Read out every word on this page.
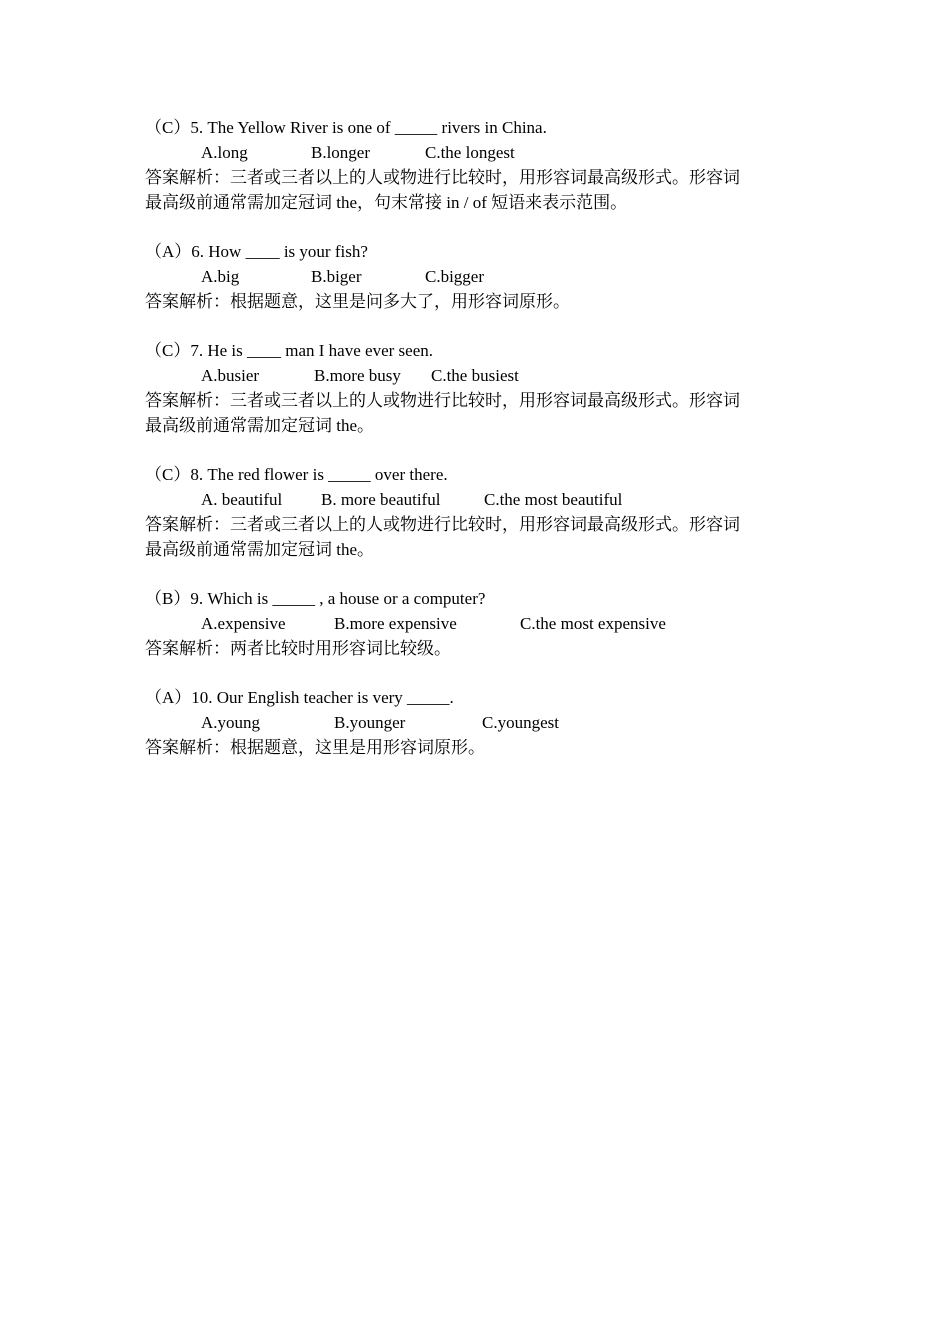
（C）5. The Yellow River is one of _____ rivers in China.
A.long	B.longer	C.the longest
答案解析：三者或三者以上的人或物进行比较时，用形容词最高级形式。形容词
最高级前通常需加定冠词 the，句末常接 in / of 短语来表示范围。
（A）6. How ____ is your fish?
A.big	B.biger	C.bigger
答案解析：根据题意，这里是问多大了，用形容词原形。
（C）7. He is ____ man I have ever seen.
A.busier	B.more busy C.the busiest
答案解析：三者或三者以上的人或物进行比较时，用形容词最高级形式。形容词
最高级前通常需加定冠词 the。
（C）8. The red flower is _____ over there.
A. beautiful B. more beautiful	C.the most beautiful
答案解析：三者或三者以上的人或物进行比较时，用形容词最高级形式。形容词
最高级前通常需加定冠词 the。
（B）9. Which is _____ , a house or a computer?
A.expensive	B.more expensive	C.the most expensive
答案解析：两者比较时用形容词比较级。
（A）10. Our English teacher is very _____.
A.young	B.younger	C.youngest
答案解析：根据题意，这里是用形容词原形。
